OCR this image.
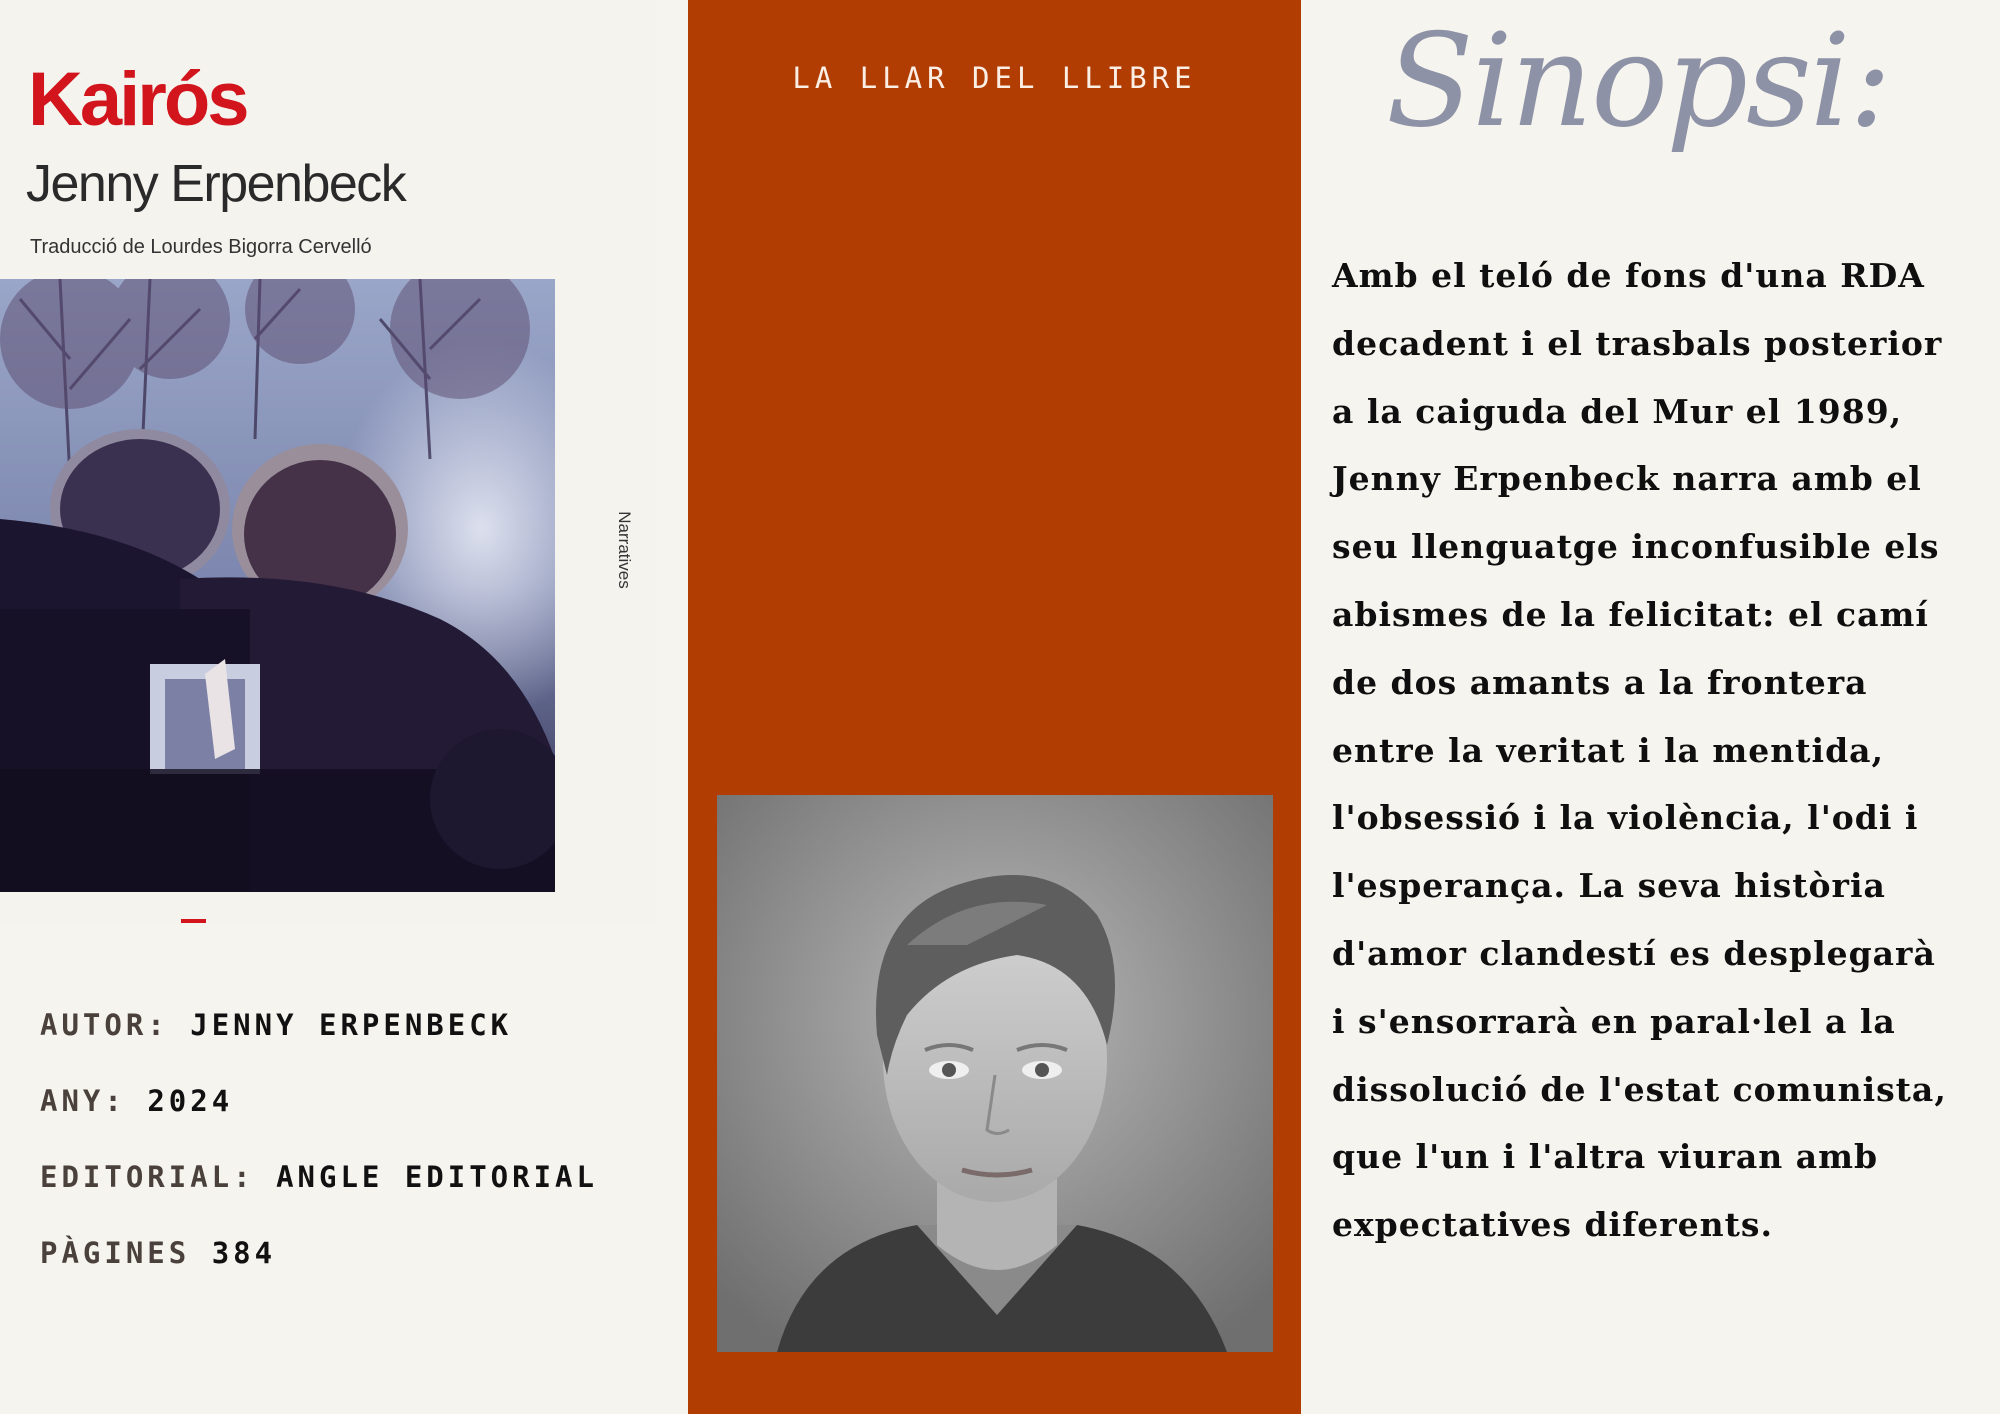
Kairós
Jenny Erpenbeck
Traducció de Lourdes Bigorra Cervelló
Narratives
AUTOR: JENNY ERPENBECK
ANY: 2024
EDITORIAL: ANGLE EDITORIAL
PÀGINES 384
LA LLAR DEL LLIBRE	Sinopsi:
Amb el teló de fons d'una RDA
decadent i el trasbals posterior
a la caiguda del Mur el 1989,
Jenny Erpenbeck narra amb el
seu llenguatge inconfusible els
abismes de la felicitat: el camí
de dos amants a la frontera
entre la veritat i la mentida,
l'obsessió i la violència, l'odi i
l'esperança. La seva història
d'amor clandestí es desplegarà
i s'ensorrarà en paral·lel a la
dissolució de l'estat comunista,
que l'un i l'altra viuran amb
expectatives diferents.
